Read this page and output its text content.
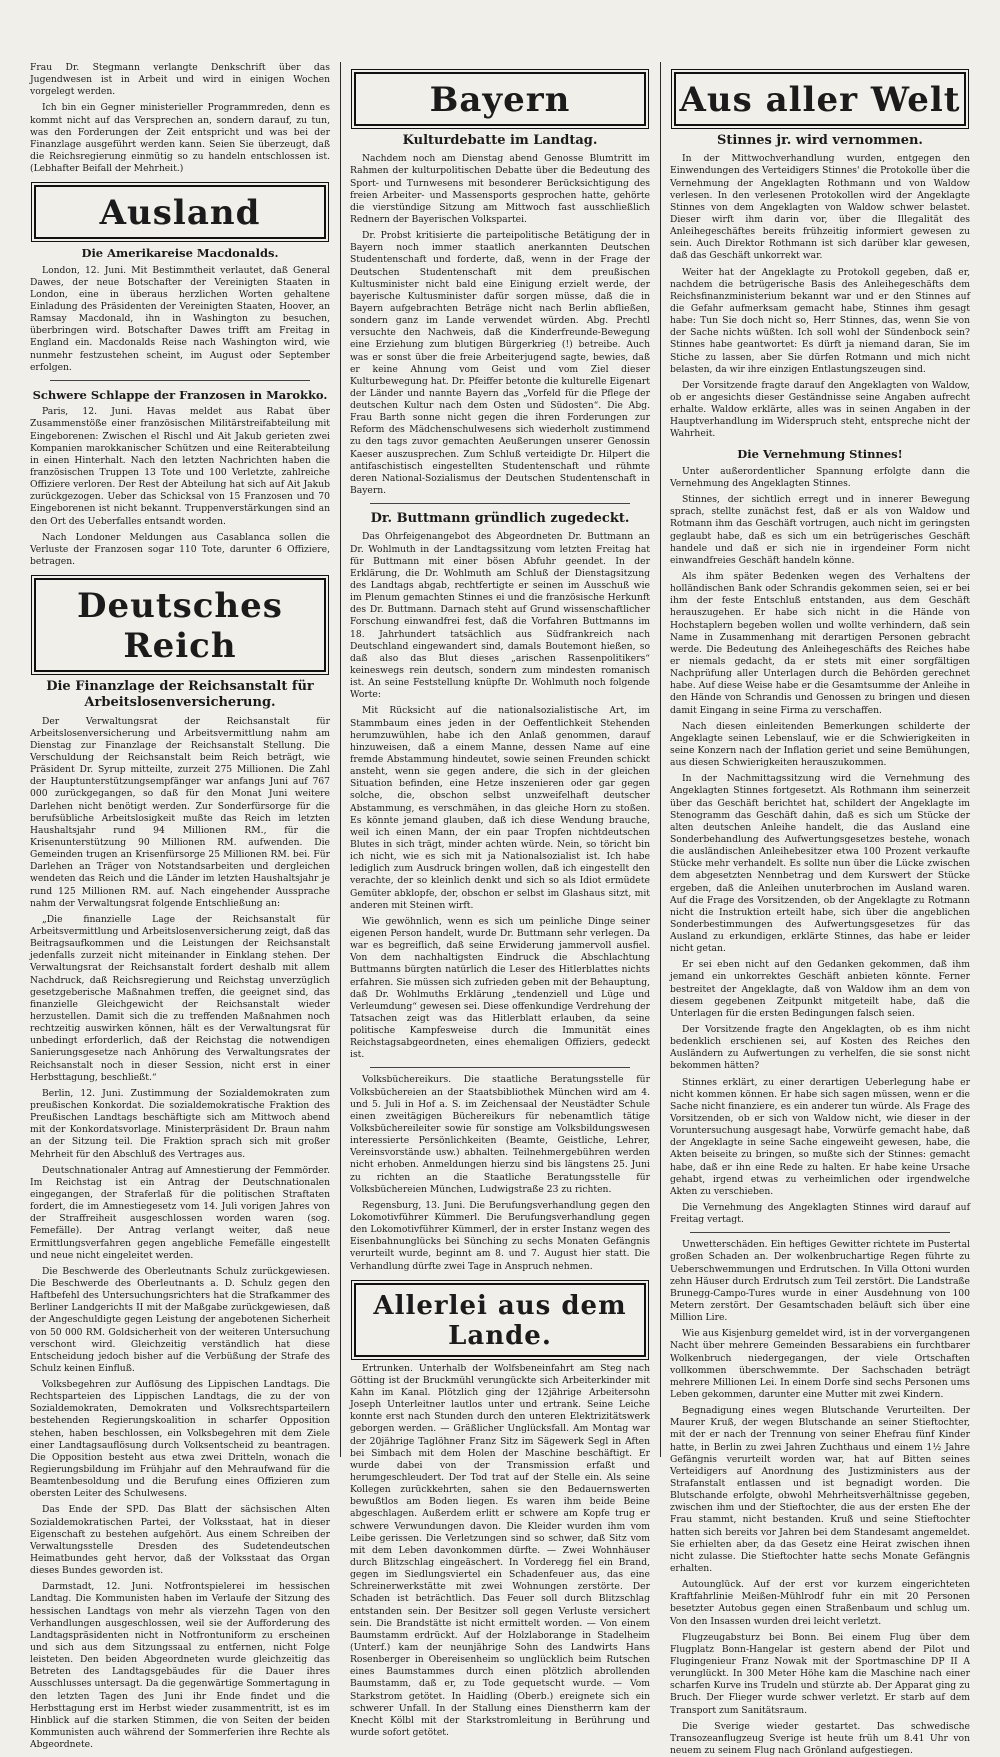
Frau Dr. Stegmann verlangte Denkschrift über das Jugendwesen ist in Arbeit und wird in einigen Wochen vorgelegt werden.

Ich bin ein Gegner ministerieller Programmreden, denn es kommt nicht auf das Versprechen an, sondern darauf, zu tun, was den Forderungen der Zeit entspricht und was bei der Finanzlage ausgeführt werden kann. Seien Sie überzeugt, daß die Reichsregierung einmütig so zu handeln entschlossen ist. (Lebhafter Beifall der Mehrheit.)

Ausland
Die Amerikareise Macdonalds.

London, 12. Juni. Mit Bestimmtheit verlautet, daß General Dawes, der neue Botschafter der Vereinigten Staaten in London, eine in überaus herzlichen Worten gehaltene Einladung des Präsidenten der Vereinigten Staaten, Hoover, an Ramsay Macdonald, ihn in Washington zu besuchen, überbringen wird. Botschafter Dawes trifft am Freitag in England ein. Macdonalds Reise nach Washington wird, wie nunmehr festzustehen scheint, im August oder September erfolgen.

Schwere Schlappe der Franzosen in Marokko.

Paris, 12. Juni. Havas meldet aus Rabat über Zusammenstöße einer französischen Militärstreifabteilung mit Eingeborenen: Zwischen el Rischl und Ait Jakub gerieten zwei Kompanien marokkanischer Schützen und eine Reiterabteilung in einen Hinterhalt. Nach den letzten Nachrichten haben die französischen Truppen 13 Tote und 100 Verletzte, zahlreiche Offiziere verloren. Der Rest der Abteilung hat sich auf Ait Jakub zurückgezogen. Ueber das Schicksal von 15 Franzosen und 70 Eingeborenen ist nicht bekannt. Truppenverstärkungen sind an den Ort des Ueberfalles entsandt worden.

Nach Londoner Meldungen aus Casablanca sollen die Verluste der Franzosen sogar 110 Tote, darunter 6 Offiziere, betragen.

Deutsches Reich
Die Finanzlage der Reichsanstalt für Arbeitslosenversicherung.

Der Verwaltungsrat der Reichsanstalt für Arbeitslosenversicherung und Arbeitsvermittlung nahm am Dienstag zur Finanzlage der Reichsanstalt Stellung. Die Verschuldung der Reichsanstalt beim Reich beträgt, wie Präsident Dr. Syrup mitteilte, zurzeit 275 Millionen. Die Zahl der Hauptunterstützungsempfänger war anfangs Juni auf 767 000 zurückgegangen, so daß für den Monat Juni weitere Darlehen nicht benötigt werden. Zur Sonderfürsorge für die berufsübliche Arbeitslosigkeit mußte das Reich im letzten Haushaltsjahr rund 94 Millionen RM., für die Krisenunterstützung 90 Millionen RM. aufwenden. Die Gemeinden trugen an Krisenfürsorge 25 Millionen RM. bei. Für Darlehen an Träger von Notstandsarbeiten und dergleichen wendeten das Reich und die Länder im letzten Haushaltsjahr je rund 125 Millionen RM. auf. Nach eingehender Aussprache nahm der Verwaltungsrat folgende Entschließung an:

„Die finanzielle Lage der Reichsanstalt für Arbeitsvermittlung und Arbeitslosenversicherung zeigt, daß das Beitragsaufkommen und die Leistungen der Reichsanstalt jedenfalls zurzeit nicht miteinander in Einklang stehen. Der Verwaltungsrat der Reichsanstalt fordert deshalb mit allem Nachdruck, daß Reichsregierung und Reichstag unverzüglich gesetzgeberische Maßnahmen treffen, die geeignet sind, das finanzielle Gleichgewicht der Reichsanstalt wieder herzustellen. Damit sich die zu treffenden Maßnahmen noch rechtzeitig auswirken können, hält es der Verwaltungsrat für unbedingt erforderlich, daß der Reichstag die notwendigen Sanierungsgesetze nach Anhörung des Verwaltungsrates der Reichsanstalt noch in dieser Session, nicht erst in einer Herbsttagung, beschließt.“

Berlin, 12. Juni. Zustimmung der Sozialdemokraten zum preußischen Konkordat. Die sozialdemokratische Fraktion des Preußischen Landtags beschäftigte sich am Mittwoch abend mit der Konkordatsvorlage. Ministerpräsident Dr. Braun nahm an der Sitzung teil. Die Fraktion sprach sich mit großer Mehrheit für den Abschluß des Vertrages aus.

Deutschnationaler Antrag auf Amnestierung der Femmörder. Im Reichstag ist ein Antrag der Deutschnationalen eingegangen, der Straferlaß für die politischen Straftaten fordert, die im Amnestiegesetz vom 14. Juli vorigen Jahres von der Straffreiheit ausgeschlossen worden waren (sog. Femefälle). Der Antrag verlangt weiter, daß neue Ermittlungsverfahren gegen angebliche Femefälle eingestellt und neue nicht eingeleitet werden.

Die Beschwerde des Oberleutnants Schulz zurückgewiesen. Die Beschwerde des Oberleutnants a. D. Schulz gegen den Haftbefehl des Untersuchungsrichters hat die Strafkammer des Berliner Landgerichts II mit der Maßgabe zurückgewiesen, daß der Angeschuldigte gegen Leistung der angebotenen Sicherheit von 50 000 RM. Goldsicherheit von der weiteren Untersuchung verschont wird. Gleichzeitig verständlich hat diese Entscheidung jedoch bisher auf die Verbüßung der Strafe des Schulz keinen Einfluß.

Volksbegehren zur Auflösung des Lippischen Landtags. Die Rechtsparteien des Lippischen Landtags, die zu der von Sozialdemokraten, Demokraten und Volksrechtsparteilern bestehenden Regierungskoalition in scharfer Opposition stehen, haben beschlossen, ein Volksbegehren mit dem Ziele einer Landtagsauflösung durch Volksentscheid zu beantragen. Die Opposition besteht aus etwa zwei Dritteln, wonach die Regierungsbildung im Frühjahr auf den Mehraufwand für die Beamtenbesoldung und die Berufung eines Offizieren zum obersten Leiter des Schulwesens.

Das Ende der SPD. Das Blatt der sächsischen Alten Sozialdemokratischen Partei, der Volksstaat, hat in dieser Eigenschaft zu bestehen aufgehört. Aus einem Schreiben der Verwaltungsstelle Dresden des Sudetendeutschen Heimatbundes geht hervor, daß der Volksstaat das Organ dieses Bundes geworden ist.

Darmstadt, 12. Juni. Notfrontspielerei im hessischen Landtag. Die Kommunisten haben im Verlaufe der Sitzung des hessischen Landtags von mehr als vierzehn Tagen von den Verhandlungen ausgeschlossen, weil sie der Aufforderung des Landtagspräsidenten nicht in Notfrontuniform zu erscheinen und sich aus dem Sitzungssaal zu entfernen, nicht Folge leisteten. Den beiden Abgeordneten wurde gleichzeitig das Betreten des Landtagsgebäudes für die Dauer ihres Ausschlusses untersagt. Da die gegenwärtige Sommertagung in den letzten Tagen des Juni ihr Ende findet und die Herbsttagung erst im Herbst wieder zusammentritt, ist es im Hinblick auf die starken Stimmen, die von Seiten der beiden Kommunisten auch während der Sommerferien ihre Rechte als Abgeordnete.

Bayern
Kulturdebatte im Landtag.

Nachdem noch am Dienstag abend Genosse Blumtritt im Rahmen der kulturpolitischen Debatte über die Bedeutung des Sport- und Turnwesens mit besonderer Berücksichtigung des freien Arbeiter- und Massensports gesprochen hatte, gehörte die vierstündige Sitzung am Mittwoch fast ausschließlich Rednern der Bayerischen Volkspartei.

Dr. Probst kritisierte die parteipolitische Betätigung der in Bayern noch immer staatlich anerkannten Deutschen Studentenschaft und forderte, daß, wenn in der Frage der Deutschen Studentenschaft mit dem preußischen Kultusminister nicht bald eine Einigung erzielt werde, der bayerische Kultusminister dafür sorgen müsse, daß die in Bayern aufgebrachten Beträge nicht nach Berlin abfließen, sondern ganz im Lande verwendet würden. Abg. Prechtl versuchte den Nachweis, daß die Kinderfreunde-Bewegung eine Erziehung zum blutigen Bürgerkrieg (!) betreibe. Auch was er sonst über die freie Arbeiterjugend sagte, bewies, daß er keine Ahnung vom Geist und vom Ziel dieser Kulturbewegung hat. Dr. Pfeiffer betonte die kulturelle Eigenart der Länder und nannte Bayern das „Vorfeld für die Pflege der deutschen Kultur nach dem Osten und Südosten“. Die Abg. Frau Barth sonne nicht gegen die ihren Forderungen zur Reform des Mädchenschulwesens sich wiederholt zustimmend zu den tags zuvor gemachten Aeußerungen unserer Genossin Kaeser auszusprechen. Zum Schluß verteidigte Dr. Hilpert die antifaschistisch eingestellten Studentenschaft und rühmte deren National-Sozialismus der Deutschen Studentenschaft in Bayern.

Dr. Buttmann gründlich zugedeckt.

Das Ohrfeigenangebot des Abgeordneten Dr. Buttmann an Dr. Wohlmuth in der Landtagssitzung vom letzten Freitag hat für Buttmann mit einer bösen Abfuhr geendet. In der Erklärung, die Dr. Wohlmuth am Schluß der Dienstagsitzung des Landtags abgab, rechtfertigte er seinen im Ausschuß wie im Plenum gemachten Stinnes ei und die französische Herkunft des Dr. Buttmann. Darnach steht auf Grund wissenschaftlicher Forschung einwandfrei fest, daß die Vorfahren Buttmanns im 18. Jahrhundert tatsächlich aus Südfrankreich nach Deutschland eingewandert sind, damals Boutemont hießen, so daß also das Blut dieses „arischen Rassenpolitikers“ keineswegs rein deutsch, sondern zum mindesten romanisch ist. An seine Feststellung knüpfte Dr. Wohlmuth noch folgende Worte:

Mit Rücksicht auf die nationalsozialistische Art, im Stammbaum eines jeden in der Oeffentlichkeit Stehenden herumzuwühlen, habe ich den Anlaß genommen, darauf hinzuweisen, daß a einem Manne, dessen Name auf eine fremde Abstammung hindeutet, sowie seinen Freunden schickt ansteht, wenn sie gegen andere, die sich in der gleichen Situation befinden, eine Hetze inszenieren oder gar gegen solche, die, obschon selbst unzweifelhaft deutscher Abstammung, es verschmähen, in das gleiche Horn zu stoßen. Es könnte jemand glauben, daß ich diese Wendung brauche, weil ich einen Mann, der ein paar Tropfen nichtdeutschen Blutes in sich trägt, minder achten würde. Nein, so töricht bin ich nicht, wie es sich mit ja Nationalsozialist ist. Ich habe lediglich zum Ausdruck bringen wollen, daß ich eingestellt den verachte, der so kleinlich denkt und sich so als Idiot ermüdete Gemüter abklopfe, der, obschon er selbst im Glashaus sitzt, mit anderen mit Steinen wirft.

Wie gewöhnlich, wenn es sich um peinliche Dinge seiner eigenen Person handelt, wurde Dr. Buttmann sehr verlegen. Da war es begreiflich, daß seine Erwiderung jammervoll ausfiel. Von dem nachhaltigsten Eindruck die Abschlachtung Buttmanns bürgten natürlich die Leser des Hitlerblattes nichts erfahren. Sie müssen sich zufrieden geben mit der Behauptung, daß Dr. Wohlmuths Erklärung „tendenziell und Lüge und Verleumdung“ gewesen sei. Diese offenkundige Verdrehung der Tatsachen zeigt was das Hitlerblatt erlauben, da seine politische Kampfesweise durch die Immunität eines Reichstagsabgeordneten, eines ehemaligen Offiziers, gedeckt ist.

Volksbüchereikurs. Die staatliche Beratungsstelle für Volksbüchereien an der Staatsbibliothek München wird am 4. und 5. Juli in Hof a. S. im Zeichensaal der Neustädter Schule einen zweitägigen Büchereikurs für nebenamtlich tätige Volksbüchereileiter sowie für sonstige am Volksbildungswesen interessierte Persönlichkeiten (Beamte, Geistliche, Lehrer, Vereinsvorstände usw.) abhalten. Teilnehmergebühren werden nicht erhoben. Anmeldungen hierzu sind bis längstens 25. Juni zu richten an die Staatliche Beratungsstelle für Volksbüchereien München, Ludwigstraße 23 zu richten.

Regensburg, 13. Juni. Die Berufungsverhandlung gegen den Lokomotivführer Kümmerl. Die Berufungsverhandlung gegen den Lokomotivführer Kümmerl, der in erster Instanz wegen des Eisenbahnunglücks bei Sünching zu sechs Monaten Gefängnis verurteilt wurde, beginnt am 8. und 7. August hier statt. Die Verhandlung dürfte zwei Tage in Anspruch nehmen.

Allerlei aus dem Lande.

Ertrunken. Unterhalb der Wolfsbeneinfahrt am Steg nach Götting ist der Bruckmühl verungückte sich Arbeiterkinder mit Kahn im Kanal. Plötzlich ging der 12jährige Arbeitersohn Joseph Unterleitner lautlos unter und ertrank. Seine Leiche konnte erst nach Stunden durch den unteren Elektrizitätswerk geborgen werden. — Gräßlicher Unglücksfall. Am Montag war der 20jährige Taglöhner Franz Sitz im Sägewerk Segl in Aften bei Simbach mit dem Holen der Maschine beschäftigt. Er wurde dabei von der Transmission erfaßt und herumgeschleudert. Der Tod trat auf der Stelle ein. Als seine Kollegen zurückkehrten, sahen sie den Bedauernswerten bewußtlos am Boden liegen. Es waren ihm beide Beine abgeschlagen. Außerdem erlitt er schwere am Kopfe trug er schwere Verwundungen davon. Die Kleider wurden ihm vom Leibe gerissen. Die Verletzungen sind so schwer, daß Sitz vom mit dem Leben davonkommen dürfte. — Zwei Wohnhäuser durch Blitzschlag eingeäschert. In Vorderegg fiel ein Brand, gegen im Siedlungsviertel ein Schadenfeuer aus, das eine Schreinerwerkstätte mit zwei Wohnungen zerstörte. Der Schaden ist beträchtlich. Das Feuer soll durch Blitzschlag entstanden sein. Der Besitzer soll gegen Verluste versichert sein. Die Brandstätte ist nicht ermittelt worden. — Von einem Baumstamm erdrückt. Auf der Holzlaborange in Stadelheim (Unterf.) kam der neunjährige Sohn des Landwirts Hans Rosenberger in Obereisenheim so unglücklich beim Rutschen eines Baumstammes durch einen plötzlich abrollenden Baumstamm, daß er, zu Tode gequetscht wurde. — Vom Starkstrom getötet. In Haidling (Oberb.) ereignete sich ein schwerer Unfall. In der Stallung eines Dienstherrn kam der Knecht Kölbl mit der Starkstromleitung in Berührung und wurde sofort getötet.

Aus aller Welt
Stinnes jr. wird vernommen.

In der Mittwochverhandlung wurden, entgegen den Einwendungen des Verteidigers Stinnes' die Protokolle über die Vernehmung der Angeklagten Rothmann und von Waldow verlesen. In den verlesenen Protokollen wird der Angeklagte Stinnes von dem Angeklagten von Waldow schwer belastet. Dieser wirft ihm darin vor, über die Illegalität des Anleihegeschäftes bereits frühzeitig informiert gewesen zu sein. Auch Direktor Rothmann ist sich darüber klar gewesen, daß das Geschäft unkorrekt war.

Weiter hat der Angeklagte zu Protokoll gegeben, daß er, nachdem die betrügerische Basis des Anleihegeschäfts dem Reichsfinanzministerium bekannt war und er den Stinnes auf die Gefahr aufmerksam gemacht habe, Stinnes ihm gesagt habe: Tun Sie doch nicht so, Herr Stinnes, das, wenn Sie von der Sache nichts wüßten. Ich soll wohl der Sündenbock sein? Stinnes habe geantwortet: Es dürft ja niemand daran, Sie im Stiche zu lassen, aber Sie dürfen Rotmann und mich nicht belasten, da wir ihre einzigen Entlastungszeugen sind.

Der Vorsitzende fragte darauf den Angeklagten von Waldow, ob er angesichts dieser Geständnisse seine Angaben aufrecht erhalte. Waldow erklärte, alles was in seinen Angaben in der Hauptverhandlung im Widerspruch steht, entspreche nicht der Wahrheit.

Die Vernehmung Stinnes!

Unter außerordentlicher Spannung erfolgte dann die Vernehmung des Angeklagten Stinnes.

Stinnes, der sichtlich erregt und in innerer Bewegung sprach, stellte zunächst fest, daß er als von Waldow und Rotmann ihm das Geschäft vortrugen, auch nicht im geringsten geglaubt habe, daß es sich um ein betrügerisches Geschäft handele und daß er sich nie in irgendeiner Form nicht einwandfreies Geschäft handeln könne.

Als ihm später Bedenken wegen des Verhaltens der holländischen Bank oder Schrandis gekommen seien, sei er bei ihm der feste Entschluß entstanden, aus dem Geschäft herauszugehen. Er habe sich nicht in die Hände von Hochstaplern begeben wollen und wollte verhindern, daß sein Name in Zusammenhang mit derartigen Personen gebracht werde. Die Bedeutung des Anleihegeschäfts des Reiches habe er niemals gedacht, da er stets mit einer sorgfältigen Nachprüfung aller Unterlagen durch die Behörden gerechnet habe. Auf diese Weise habe er die Gesamtsumme der Anleihe in den Hände von Schrandis und Genossen zu bringen und diesen damit Eingang in seine Firma zu verschaffen.

Nach diesen einleitenden Bemerkungen schilderte der Angeklagte seinen Lebenslauf, wie er die Schwierigkeiten in seine Konzern nach der Inflation geriet und seine Bemühungen, aus diesen Schwierigkeiten herauszukommen.

In der Nachmittagssitzung wird die Vernehmung des Angeklagten Stinnes fortgesetzt. Als Rothmann ihm seinerzeit über das Geschäft berichtet hat, schildert der Angeklagte im Stenogramm das Geschäft dahin, daß es sich um Stücke der alten deutschen Anleihe handelt, die das Ausland eine Sonderbehandlung des Aufwertungsgesetzes bestehe, wonach die ausländischen Anleihebesitzer etwa 100 Prozent verkaufte Stücke mehr verhandelt. Es sollte nun über die Lücke zwischen dem abgesetzten Nennbetrag und dem Kurswert der Stücke ergeben, daß die Anleihen unuterbrochen im Ausland waren. Auf die Frage des Vorsitzenden, ob der Angeklagte zu Rotmann nicht die Instruktion erteilt habe, sich über die angeblichen Sonderbestimmungen des Aufwertungsgesetzes für das Ausland zu erkundigen, erklärte Stinnes, das habe er leider nicht getan.

Er sei eben nicht auf den Gedanken gekommen, daß ihm jemand ein unkorrektes Geschäft anbieten könnte. Ferner bestreitet der Angeklagte, daß von Waldow ihm an dem von diesem gegebenen Zeitpunkt mitgeteilt habe, daß die Unterlagen für die ersten Bedingungen falsch seien.

Der Vorsitzende fragte den Angeklagten, ob es ihm nicht bedenklich erschienen sei, auf Kosten des Reiches den Ausländern zu Aufwertungen zu verhelfen, die sie sonst nicht bekommen hätten?

Stinnes erklärt, zu einer derartigen Ueberlegung habe er nicht kommen können. Er habe sich sagen müssen, wenn er die Sache nicht finanziere, es ein anderer tun würde. Als Frage des Vorsitzenden, ob er sich von Waldow nicht, wie dieser in der Voruntersuchung ausgesagt habe, Vorwürfe gemacht habe, daß der Angeklagte in seine Sache eingeweiht gewesen, habe, die Akten beiseite zu bringen, so mußte sich der Stinnes: gemacht habe, daß er ihn eine Rede zu halten. Er habe keine Ursache gehabt, irgend etwas zu verheimlichen oder irgendwelche Akten zu verschieben.

Die Vernehmung des Angeklagten Stinnes wird darauf auf Freitag vertagt.

Unwetterschäden. Ein heftiges Gewitter richtete im Pustertal großen Schaden an. Der wolkenbruchartige Regen führte zu Ueberschwemmungen und Erdrutschen. In Villa Ottoni wurden zehn Häuser durch Erdrutsch zum Teil zerstört. Die Landstraße Brunegg-Campo-Tures wurde in einer Ausdehnung von 100 Metern zerstört. Der Gesamtschaden beläuft sich über eine Million Lire.

Wie aus Kisjenburg gemeldet wird, ist in der vorvergangenen Nacht über mehrere Gemeinden Bessarabiens ein furchtbarer Wolkenbruch niedergegangen, der viele Ortschaften vollkommen überschwemmte. Der Sachschaden beträgt mehrere Millionen Lei. In einem Dorfe sind sechs Personen ums Leben gekommen, darunter eine Mutter mit zwei Kindern.

Begnadigung eines wegen Blutschande Verurteilten. Der Maurer Kruß, der wegen Blutschande an seiner Stieftochter, mit der er nach der Trennung von seiner Ehefrau fünf Kinder hatte, in Berlin zu zwei Jahren Zuchthaus und einem 1½ Jahre Gefängnis verurteilt worden war, hat auf Bitten seines Verteidigers auf Anordnung des Justizministers aus der Strafanstalt entlassen und ist begnadigt worden. Die Blutschande erfolgte, obwohl Mehrheitsverhältnisse gegeben, zwischen ihm und der Stieftochter, die aus der ersten Ehe der Frau stammt, nicht bestanden. Kruß und seine Stieftochter hatten sich bereits vor Jahren bei dem Standesamt angemeldet. Sie erhielten aber, da das Gesetz eine Heirat zwischen ihnen nicht zulasse. Die Stieftochter hatte sechs Monate Gefängnis erhalten.

Autounglück. Auf der erst vor kurzem eingerichteten Kraftfahrlinie Meißen-Mühlrodf fuhr ein mit 20 Personen besetzter Autobus gegen einen Straßenbaum und schlug um. Von den Insassen wurden drei leicht verletzt.

Flugzeugabsturz bei Bonn. Bei einem Flug über dem Flugplatz Bonn-Hangelar ist gestern abend der Pilot und Flugingenieur Franz Nowak mit der Sportmaschine DP II A verunglückt. In 300 Meter Höhe kam die Maschine nach einer scharfen Kurve ins Trudeln und stürzte ab. Der Apparat ging zu Bruch. Der Flieger wurde schwer verletzt. Er starb auf dem Transport zum Sanitätsraum.

Die Sverige wieder gestartet. Das schwedische Transozeanflugzeug Sverige ist heute früh um 8.41 Uhr von neuem zu seinem Flug nach Grönland aufgestiegen.
